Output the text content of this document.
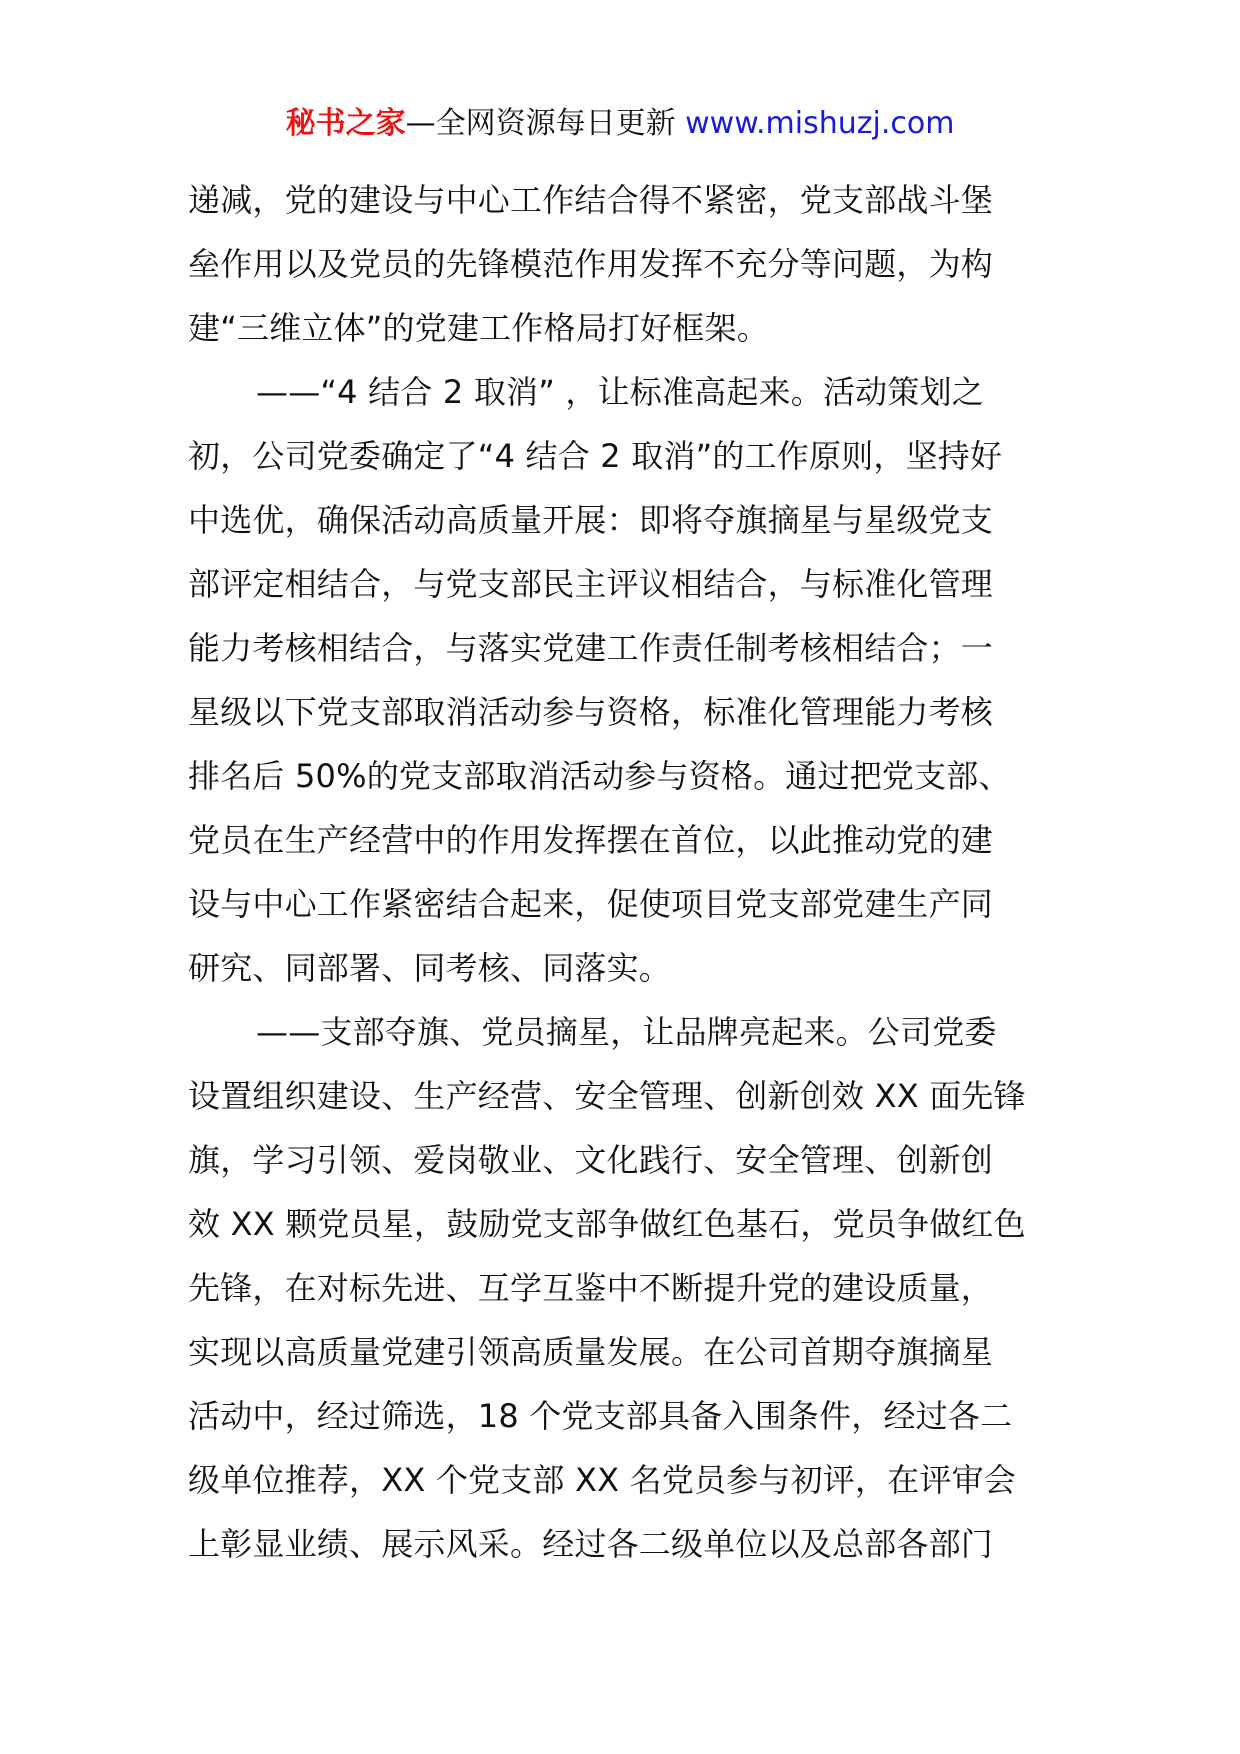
秘书之家—全网资源每日更新 www.mishuzj.com
递减，党的建设与中心工作结合得不紧密，党支部战斗堡
垒作用以及党员的先锋模范作用发挥不充分等问题，为构
建“三维立体”的党建工作格局打好框架。
——“4 结合 2 取消” ，让标准高起来。活动策划之
初，公司党委确定了“4 结合 2 取消”的工作原则，坚持好
中选优，确保活动高质量开展：即将夺旗摘星与星级党支
部评定相结合，与党支部民主评议相结合，与标准化管理
能力考核相结合，与落实党建工作责任制考核相结合；一
星级以下党支部取消活动参与资格，标准化管理能力考核
排名后 50%的党支部取消活动参与资格。通过把党支部、
党员在生产经营中的作用发挥摆在首位，以此推动党的建
设与中心工作紧密结合起来，促使项目党支部党建生产同
研究、同部署、同考核、同落实。
——支部夺旗、党员摘星，让品牌亮起来。公司党委
设置组织建设、生产经营、安全管理、创新创效 XX 面先锋
旗，学习引领、爱岗敬业、文化践行、安全管理、创新创
效 XX 颗党员星，鼓励党支部争做红色基石，党员争做红色
先锋，在对标先进、互学互鉴中不断提升党的建设质量，
实现以高质量党建引领高质量发展。在公司首期夺旗摘星
活动中，经过筛选，18 个党支部具备入围条件，经过各二
级单位推荐，XX 个党支部 XX 名党员参与初评，在评审会
上彰显业绩、展示风采。经过各二级单位以及总部各部门
